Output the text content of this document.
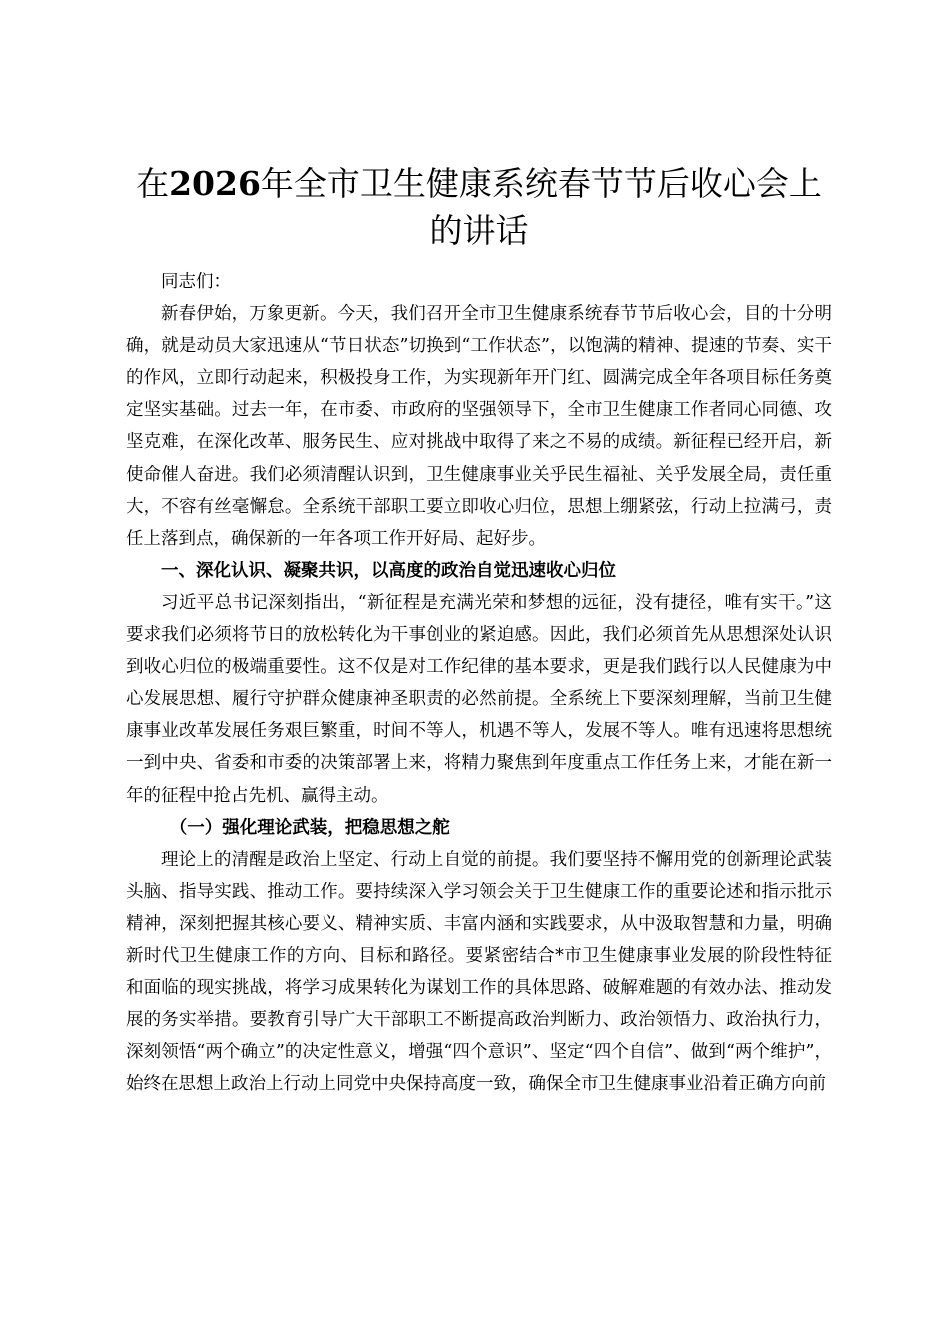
在2026年全市卫生健康系统春节节后收心会上的讲话

同志们：

新春伊始，万象更新。今天，我们召开全市卫生健康系统春节节后收心会，目的十分明确，就是动员大家迅速从“节日状态”切换到“工作状态”，以饱满的精神、提速的节奏、实干的作风，立即行动起来，积极投身工作，为实现新年开门红、圆满完成全年各项目标任务奠定坚实基础。过去一年，在市委、市政府的坚强领导下，全市卫生健康工作者同心同德、攻坚克难，在深化改革、服务民生、应对挑战中取得了来之不易的成绩。新征程已经开启，新使命催人奋进。我们必须清醒认识到，卫生健康事业关乎民生福祉、关乎发展全局，责任重大，不容有丝毫懈怠。全系统干部职工要立即收心归位，思想上绷紧弦，行动上拉满弓，责任上落到点，确保新的一年各项工作开好局、起好步。

一、深化认识、凝聚共识，以高度的政治自觉迅速收心归位

习近平总书记深刻指出，“新征程是充满光荣和梦想的远征，没有捷径，唯有实干。”这要求我们必须将节日的放松转化为干事创业的紧迫感。因此，我们必须首先从思想深处认识到收心归位的极端重要性。这不仅是对工作纪律的基本要求，更是我们践行以人民健康为中心发展思想、履行守护群众健康神圣职责的必然前提。全系统上下要深刻理解，当前卫生健康事业改革发展任务艰巨繁重，时间不等人，机遇不等人，发展不等人。唯有迅速将思想统一到中央、省委和市委的决策部署上来，将精力聚焦到年度重点工作任务上来，才能在新一年的征程中抢占先机、赢得主动。

（一）强化理论武装，把稳思想之舵

理论上的清醒是政治上坚定、行动上自觉的前提。我们要坚持不懈用党的创新理论武装头脑、指导实践、推动工作。要持续深入学习领会关于卫生健康工作的重要论述和指示批示精神，深刻把握其核心要义、精神实质、丰富内涵和实践要求，从中汲取智慧和力量，明确新时代卫生健康工作的方向、目标和路径。要紧密结合*市卫生健康事业发展的阶段性特征和面临的现实挑战，将学习成果转化为谋划工作的具体思路、破解难题的有效办法、推动发展的务实举措。要教育引导广大干部职工不断提高政治判断力、政治领悟力、政治执行力，深刻领悟“两个确立”的决定性意义，增强“四个意识”、坚定“四个自信”、做到“两个维护”，始终在思想上政治上行动上同党中央保持高度一致，确保全市卫生健康事业沿着正确方向前
